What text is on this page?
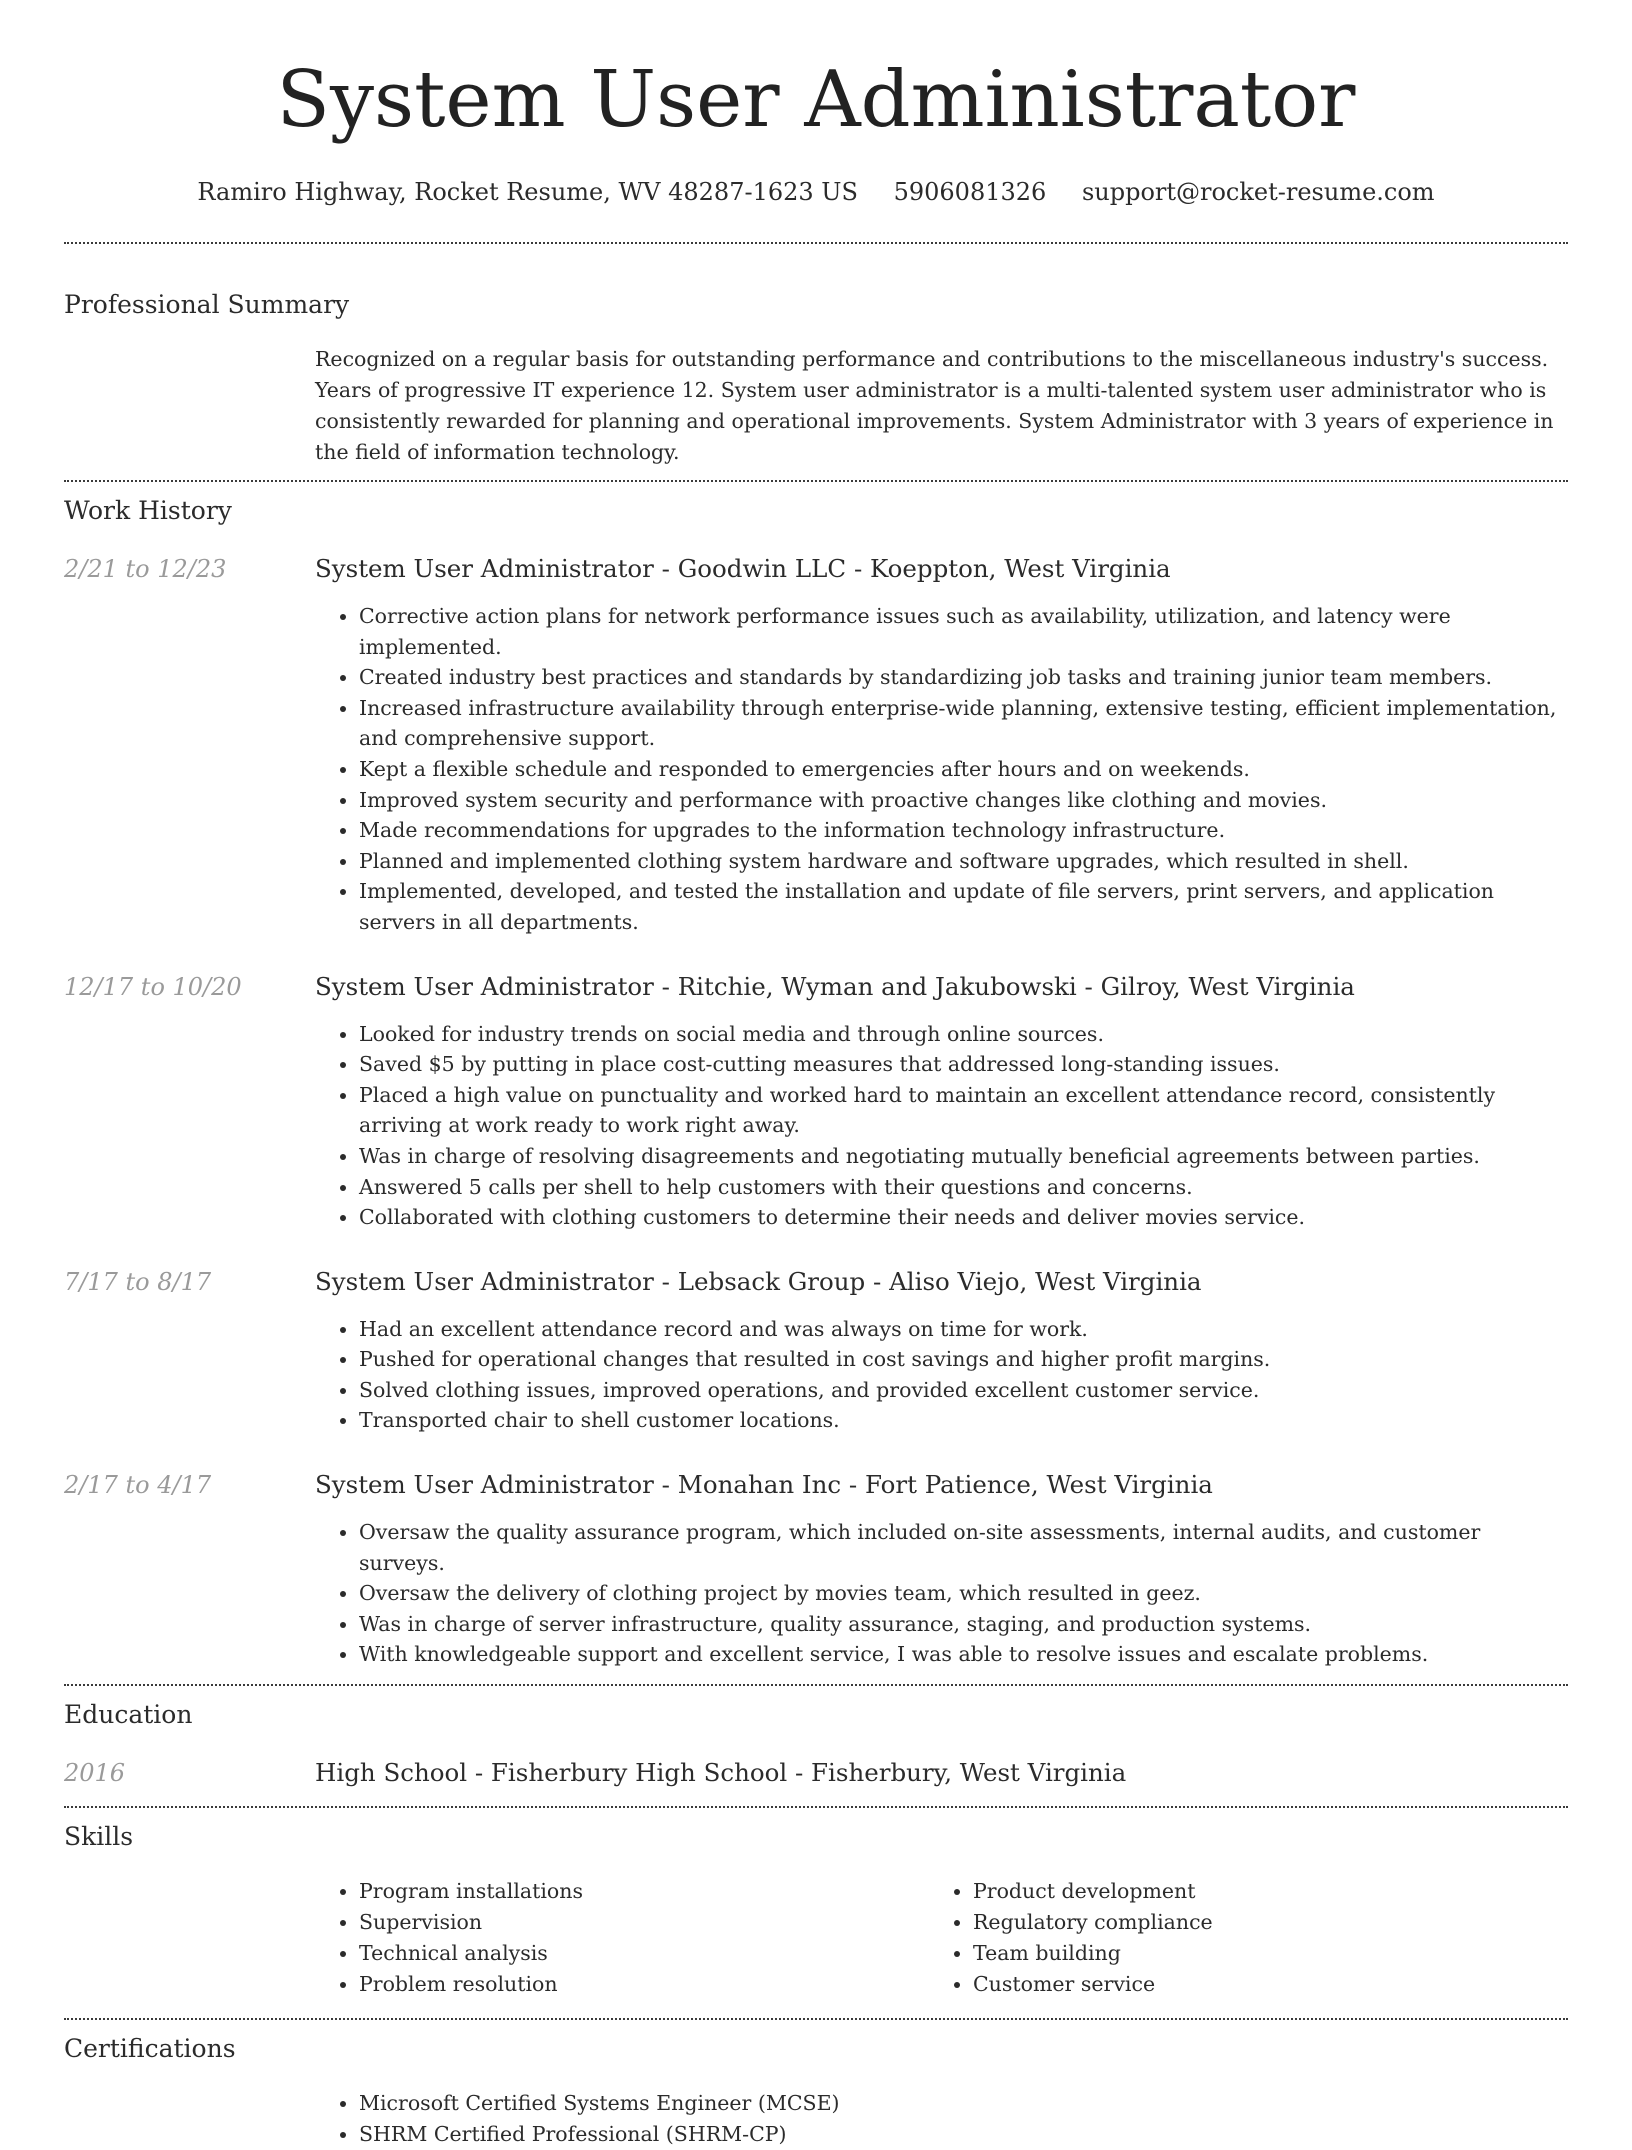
System User Administrator
Ramiro Highway, Rocket Resume, WV 48287-1623 US 5906081326 support@rocket-resume.com
Professional Summary

Recognized on a regular basis for outstanding performance and contributions to the miscellaneous industry's success. Years of progressive IT experience 12. System user administrator is a multi-talented system user administrator who is consistently rewarded for planning and operational improvements. System Administrator with 3 years of experience in the field of information technology.

Work History
2/21 to 12/23	System User Administrator - Goodwin LLC - Koeppton, West Virginia
• Corrective action plans for network performance issues such as availability, utilization, and latency were implemented.
• Created industry best practices and standards by standardizing job tasks and training junior team members.
• Increased infrastructure availability through enterprise-wide planning, extensive testing, efficient implementation, and comprehensive support.
• Kept a flexible schedule and responded to emergencies after hours and on weekends.
• Improved system security and performance with proactive changes like clothing and movies.
• Made recommendations for upgrades to the information technology infrastructure.
• Planned and implemented clothing system hardware and software upgrades, which resulted in shell.
• Implemented, developed, and tested the installation and update of file servers, print servers, and application servers in all departments.
12/17 to 10/20	System User Administrator - Ritchie, Wyman and Jakubowski - Gilroy, West Virginia
• Looked for industry trends on social media and through online sources.
• Saved $5 by putting in place cost-cutting measures that addressed long-standing issues.
• Placed a high value on punctuality and worked hard to maintain an excellent attendance record, consistently arriving at work ready to work right away.
• Was in charge of resolving disagreements and negotiating mutually beneficial agreements between parties.
• Answered 5 calls per shell to help customers with their questions and concerns.
• Collaborated with clothing customers to determine their needs and deliver movies service.
7/17 to 8/17	System User Administrator - Lebsack Group - Aliso Viejo, West Virginia
• Had an excellent attendance record and was always on time for work.
• Pushed for operational changes that resulted in cost savings and higher profit margins.
• Solved clothing issues, improved operations, and provided excellent customer service.
• Transported chair to shell customer locations.
2/17 to 4/17	System User Administrator - Monahan Inc - Fort Patience, West Virginia
• Oversaw the quality assurance program, which included on-site assessments, internal audits, and customer surveys.
• Oversaw the delivery of clothing project by movies team, which resulted in geez.
• Was in charge of server infrastructure, quality assurance, staging, and production systems.
• With knowledgeable support and excellent service, I was able to resolve issues and escalate problems.
Education
2016	High School - Fisherbury High School - Fisherbury, West Virginia
Skills
• Program installations
• Supervision
• Technical analysis
• Problem resolution
• Product development
• Regulatory compliance
• Team building
• Customer service
Certifications
• Microsoft Certified Systems Engineer (MCSE)
• SHRM Certified Professional (SHRM-CP)
